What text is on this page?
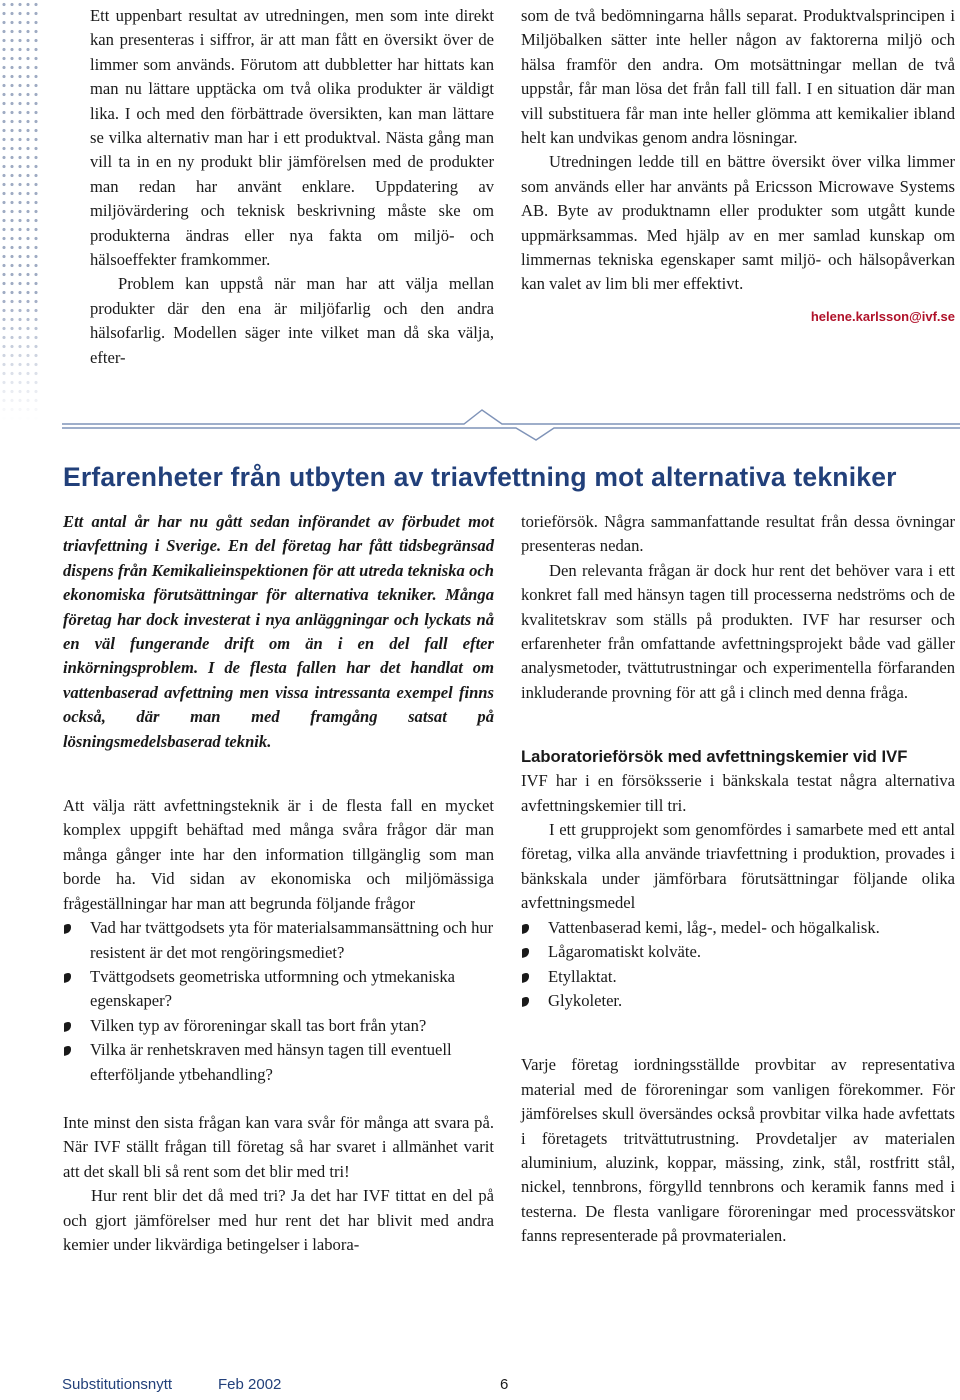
Ett uppenbart resultat av utredningen, men som inte direkt kan presenteras i siffror, är att man fått en översikt över de limmer som används. Förutom att dubbletter har hittats kan man nu lättare upptäcka om två olika produkter är väldigt lika. I och med den förbättrade översikten, kan man lättare se vilka alternativ man har i ett produktval. Nästa gång man vill ta in en ny produkt blir jämförelsen med de produkter man redan har använt enklare. Uppdatering av miljövärdering och teknisk beskrivning måste ske om produkterna ändras eller nya fakta om miljö- och hälsoeffekter framkommer.

Problem kan uppstå när man har att välja mellan produkter där den ena är miljöfarlig och den andra hälsofarlig. Modellen säger inte vilket man då ska välja, efter-

som de två bedömningarna hålls separat. Produktvalsprincipen i Miljöbalken sätter inte heller någon av faktorerna miljö och hälsa framför den andra. Om motsättningar mellan de två uppstår, får man lösa det från fall till fall. I en situation där man vill substituera får man inte heller glömma att kemikalier ibland helt kan undvikas genom andra lösningar.

Utredningen ledde till en bättre översikt över vilka limmer som används eller har använts på Ericsson Microwave Systems AB. Byte av produktnamn eller produkter som utgått kunde uppmärksammas. Med hjälp av en mer samlad kunskap om limmernas tekniska egenskaper samt miljö- och hälsopåverkan kan valet av lim bli mer effektivt.

helene.karlsson@ivf.se
Erfarenheter från utbyten av triavfettning mot alternativa tekniker

Ett antal år har nu gått sedan införandet av förbudet mot triavfettning i Sverige. En del företag har fått tidsbegränsad dispens från Kemikalieinspektionen för att utreda tekniska och ekonomiska förutsättningar för alternativa tekniker. Många företag har dock investerat i nya anläggningar och lyckats nå en väl fungerande drift om än i en del fall efter inkörningsproblem. I de flesta fallen har det handlat om vattenbaserad avfettning men vissa intressanta exempel finns också, där man med framgång satsat på lösningsmedelsbaserad teknik.

Att välja rätt avfettningsteknik är i de flesta fall en mycket komplex uppgift behäftad med många svåra frågor där man många gånger inte har den information tillgänglig som man borde ha. Vid sidan av ekonomiska och miljömässiga frågeställningar har man att begrunda följande frågor

Vad har tvättgodsets yta för materialsammansättning och hur resistent är det mot rengöringsmediet?
Tvättgodsets geometriska utformning och ytmekaniska egenskaper?
Vilken typ av föroreningar skall tas bort från ytan?
Vilka är renhetskraven med hänsyn tagen till eventuell efterföljande ytbehandling?

Inte minst den sista frågan kan vara svår för många att svara på. När IVF ställt frågan till företag så har svaret i allmänhet varit att det skall bli så rent som det blir med tri!

Hur rent blir det då med tri? Ja det har IVF tittat en del på och gjort jämförelser med hur rent det har blivit med andra kemier under likvärdiga betingelser i labora-

torieförsök. Några sammanfattande resultat från dessa övningar presenteras nedan.

Den relevanta frågan är dock hur rent det behöver vara i ett konkret fall med hänsyn tagen till processerna nedströms och de kvalitetskrav som ställs på produkten. IVF har resurser och erfarenheter från omfattande avfettningsprojekt både vad gäller analysmetoder, tvättutrustningar och experimentella förfaranden inkluderande provning för att gå i clinch med denna fråga.

Laboratorieförsök med avfettningskemier vid IVF

IVF har i en försöksserie i bänkskala testat några alternativa avfettningskemier till tri.

I ett grupprojekt som genomfördes i samarbete med ett antal företag, vilka alla använde triavfettning i produktion, provades i bänkskala under jämförbara förutsättningar följande olika avfettningsmedel

Vattenbaserad kemi, låg-, medel- och högalkalisk.
Lågaromatiskt kolväte.
Etyllaktat.
Glykoleter.

Varje företag iordningsställde provbitar av representativa material med de föroreningar som vanligen förekommer. För jämförelses skull översändes också provbitar vilka hade avfettats i företagets tritvättutrustning. Provdetaljer av materialen aluminium, aluzink, koppar, mässing, zink, stål, rostfritt stål, nickel, tennbrons, förgylld tennbrons och keramik fanns med i testerna. De flesta vanligare föroreningar med processvätskor fanns representerade på provmaterialen.

Substitutionsnytt	Feb 2002	6
